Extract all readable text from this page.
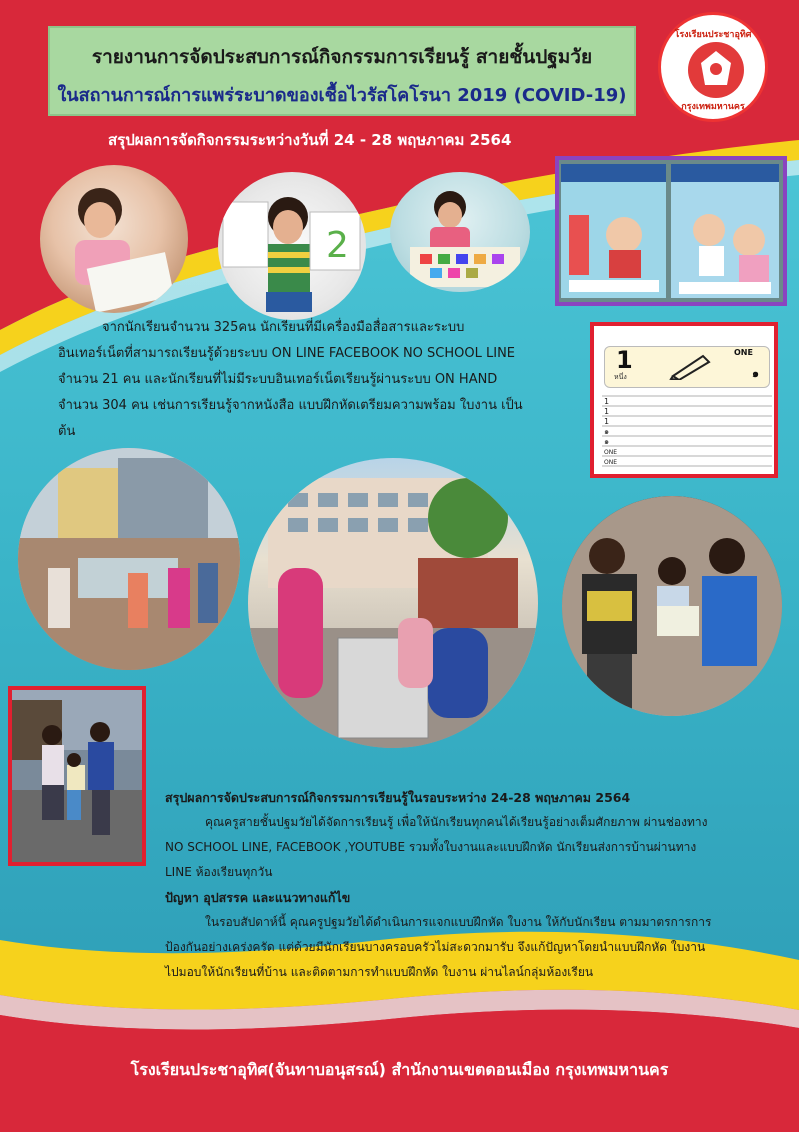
รายงานการจัดประสบการณ์กิจกรรมการเรียนรู้ สายชั้นปฐมวัย
ในสถานการณ์การแพร่ระบาดของเชื้อไวรัสโคโรนา 2019 (COVID-19)
โรงเรียนประชาอุทิศ
กรุงเทพมหานคร
สรุปผลการจัดกิจกรรมระหว่างวันที่ 24 - 28 พฤษภาคม 2564
2
1
หนึ่ง
ONE
๑
1
1
1
๑
๑
ONE
ONE
จากนักเรียนจำนวน 325คน นักเรียนที่มีเครื่องมือสื่อสารและระบบ
อินเทอร์เน็ตที่สามารถเรียนรู้ด้วยระบบ ON LINE FACEBOOK NO SCHOOL LINE
จำนวน 21 คน และนักเรียนที่ไม่มีระบบอินเทอร์เน็ตเรียนรู้ผ่านระบบ ON HAND
จำนวน 304 คน เช่นการเรียนรู้จากหนังสือ แบบฝึกหัดเตรียมความพร้อม ใบงาน เป็น
ต้น
สรุปผลการจัดประสบการณ์กิจกรรมการเรียนรู้ในรอบระหว่าง 24-28 พฤษภาคม 2564
คุณครูสายชั้นปฐมวัยได้จัดการเรียนรู้ เพื่อให้นักเรียนทุกคนได้เรียนรู้อย่างเต็มศักยภาพ ผ่านช่องทาง
NO SCHOOL LINE, FACEBOOK ,YOUTUBE รวมทั้งใบงานและแบบฝึกหัด นักเรียนส่งการบ้านผ่านทาง
LINE ห้องเรียนทุกวัน
ปัญหา อุปสรรค และแนวทางแก้ไข
ในรอบสัปดาห์นี้ คุณครูปฐมวัยได้ดำเนินการแจกแบบฝึกหัด ใบงาน ให้กับนักเรียน ตามมาตรการการ
ป้องกันอย่างเคร่งครัด แต่ด้วยมีนักเรียนบางครอบครัวไม่สะดวกมารับ จึงแก้ปัญหาโดยนำแบบฝึกหัด ใบงาน
ไปมอบให้นักเรียนที่บ้าน และติดตามการทำแบบฝึกหัด ใบงาน ผ่านไลน์กลุ่มห้องเรียน
โรงเรียนประชาอุทิศ(จันทาบอนุสรณ์) สำนักงานเขตดอนเมือง กรุงเทพมหานคร
